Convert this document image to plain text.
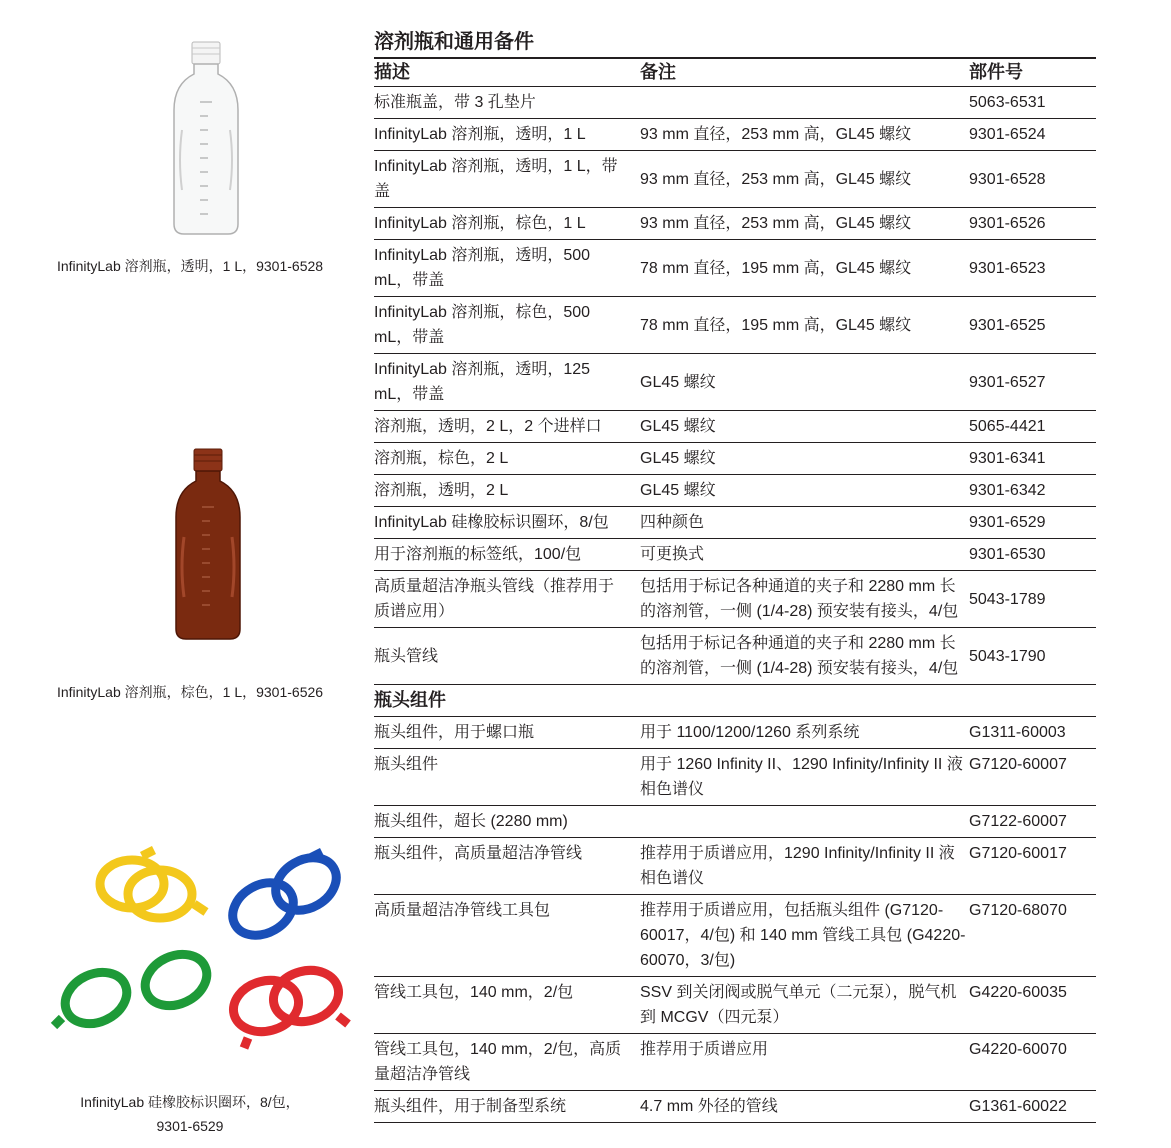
InfinityLab 溶剂瓶，透明，1 L，9301-6528
InfinityLab 溶剂瓶，棕色，1 L，9301-6526
InfinityLab 硅橡胶标识圈环，8/包，
9301-6529
溶剂瓶和通用备件
描述	备注	部件号
标准瓶盖，带 3 孔垫片		5063-6531
InfinityLab 溶剂瓶，透明，1 L	93 mm 直径，253 mm 高，GL45 螺纹	9301-6524
InfinityLab 溶剂瓶，透明，1 L，带盖	93 mm 直径，253 mm 高，GL45 螺纹	9301-6528
InfinityLab 溶剂瓶，棕色，1 L	93 mm 直径，253 mm 高，GL45 螺纹	9301-6526
InfinityLab 溶剂瓶，透明，500 mL，带盖	78 mm 直径，195 mm 高，GL45 螺纹	9301-6523
InfinityLab 溶剂瓶，棕色，500 mL，带盖	78 mm 直径，195 mm 高，GL45 螺纹	9301-6525
InfinityLab 溶剂瓶，透明，125 mL，带盖	GL45 螺纹	9301-6527
溶剂瓶，透明，2 L，2 个进样口	GL45 螺纹	5065-4421
溶剂瓶，棕色，2 L	GL45 螺纹	9301-6341
溶剂瓶，透明，2 L	GL45 螺纹	9301-6342
InfinityLab 硅橡胶标识圈环，8/包	四种颜色	9301-6529
用于溶剂瓶的标签纸，100/包	可更换式	9301-6530
高质量超洁净瓶头管线（推荐用于质谱应用）	包括用于标记各种通道的夹子和 2280 mm 长的溶剂管，一侧 (1/4-28) 预安装有接头，4/包	5043-1789
瓶头管线	包括用于标记各种通道的夹子和 2280 mm 长的溶剂管，一侧 (1/4-28) 预安装有接头，4/包	5043-1790
瓶头组件		
瓶头组件，用于螺口瓶	用于 1100/1200/1260 系列系统	G1311-60003
瓶头组件	用于 1260 Infinity II、1290 Infinity/Infinity II 液相色谱仪	G7120-60007
瓶头组件，超长 (2280 mm)		G7122-60007
瓶头组件，高质量超洁净管线	推荐用于质谱应用，1290 Infinity/Infinity II 液相色谱仪	G7120-60017
高质量超洁净管线工具包	推荐用于质谱应用，包括瓶头组件 (G7120-60017，4/包) 和 140 mm 管线工具包 (G4220-60070，3/包)	G7120-68070
管线工具包，140 mm，2/包	SSV 到关闭阀或脱气单元（二元泵），脱气机到 MCGV（四元泵）	G4220-60035
管线工具包，140 mm，2/包，高质量超洁净管线	推荐用于质谱应用	G4220-60070
瓶头组件，用于制备型系统	4.7 mm 外径的管线	G1361-60022
